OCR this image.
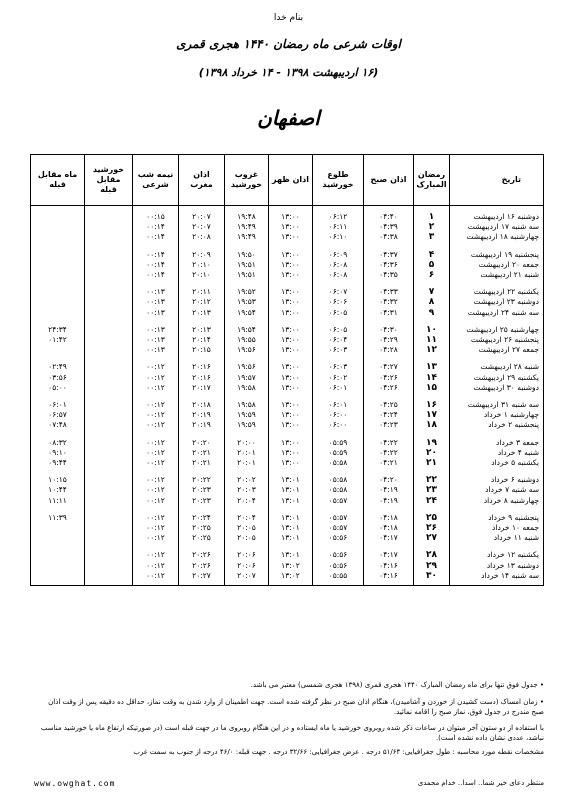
بنام خدا
اوقات شرعی ماه رمضان ۱۴۴۰ هجری قمری
(۱۶ اردیبهشت ۱۳۹۸ - ۱۴ خرداد ۱۳۹۸)
اصفهان
تاریخ	رمضان المبارک	اذان صبح	طلوع خورشید	اذان ظهر	غروب خورشید	اذان مغرب	نیمه شب شرعی	خورشید مقابل قبله	ماه مقابل قبله
دوشنبه ۱۶ اردیبهشت	۱	۰۴:۴۰	۰۶:۱۲	۱۳:۰۰	۱۹:۴۸	۲۰:۰۷	۰۰:۱۵		
سه شنبه ۱۷ اردیبهشت	۲	۰۴:۳۹	۰۶:۱۱	۱۳:۰۰	۱۹:۴۹	۲۰:۰۷	۰۰:۱۴		
چهارشنبه ۱۸ اردیبهشت	۳	۰۴:۳۸	۰۶:۱۰	۱۳:۰۰	۱۹:۴۹	۲۰:۰۸	۰۰:۱۴		
پنجشنبه ۱۹ اردیبهشت	۴	۰۴:۳۷	۰۶:۰۹	۱۳:۰۰	۱۹:۵۰	۲۰:۰۹	۰۰:۱۴		
جمعه ۲۰ اردیبهشت	۵	۰۴:۳۶	۰۶:۰۸	۱۳:۰۰	۱۹:۵۱	۲۰:۱۰	۰۰:۱۴		
شنبه ۲۱ اردیبهشت	۶	۰۴:۳۵	۰۶:۰۸	۱۳:۰۰	۱۹:۵۱	۲۰:۱۰	۰۰:۱۴		
یکشنبه ۲۲ اردیبهشت	۷	۰۴:۳۳	۰۶:۰۷	۱۳:۰۰	۱۹:۵۲	۲۰:۱۱	۰۰:۱۳		
دوشنبه ۲۳ اردیبهشت	۸	۰۴:۳۲	۰۶:۰۶	۱۳:۰۰	۱۹:۵۳	۲۰:۱۲	۰۰:۱۳		
سه شنبه ۲۴ اردیبهشت	۹	۰۴:۳۱	۰۶:۰۵	۱۳:۰۰	۱۹:۵۴	۲۰:۱۳	۰۰:۱۳		
چهارشنبه ۲۵ اردیبهشت	۱۰	۰۴:۳۰	۰۶:۰۵	۱۳:۰۰	۱۹:۵۴	۲۰:۱۳	۰۰:۱۳		۲۴:۳۴
پنجشنبه ۲۶ اردیبهشت	۱۱	۰۴:۲۹	۰۶:۰۴	۱۳:۰۰	۱۹:۵۵	۲۰:۱۴	۰۰:۱۳		۰۱:۴۲
جمعه ۲۷ اردیبهشت	۱۲	۰۴:۲۸	۰۶:۰۳	۱۳:۰۰	۱۹:۵۶	۲۰:۱۵	۰۰:۱۳		
شنبه ۲۸ اردیبهشت	۱۳	۰۴:۲۷	۰۶:۰۳	۱۳:۰۰	۱۹:۵۶	۲۰:۱۶	۰۰:۱۲		۰۲:۴۹
یکشنبه ۲۹ اردیبهشت	۱۴	۰۴:۲۶	۰۶:۰۲	۱۳:۰۰	۱۹:۵۷	۲۰:۱۶	۰۰:۱۲		۰۳:۵۶
دوشنبه ۳۰ اردیبهشت	۱۵	۰۴:۲۶	۰۶:۰۱	۱۳:۰۰	۱۹:۵۸	۲۰:۱۷	۰۰:۱۲		۰۵:۰۰
سه شنبه ۳۱ اردیبهشت	۱۶	۰۴:۲۵	۰۶:۰۱	۱۳:۰۰	۱۹:۵۸	۲۰:۱۸	۰۰:۱۲		۰۶:۰۱
چهارشنبه ۱ خرداد	۱۷	۰۴:۲۴	۰۶:۰۰	۱۳:۰۰	۱۹:۵۹	۲۰:۱۹	۰۰:۱۲		۰۶:۵۷
پنجشنبه ۲ خرداد	۱۸	۰۴:۲۳	۰۶:۰۰	۱۳:۰۰	۱۹:۵۹	۲۰:۱۹	۰۰:۱۲		۰۷:۴۸
جمعه ۳ خرداد	۱۹	۰۴:۲۲	۰۵:۵۹	۱۳:۰۰	۲۰:۰۰	۲۰:۲۰	۰۰:۱۲		۰۸:۳۲
شنبه ۴ خرداد	۲۰	۰۴:۲۲	۰۵:۵۹	۱۳:۰۰	۲۰:۰۱	۲۰:۲۱	۰۰:۱۲		۰۹:۱۰
یکشنبه ۵ خرداد	۲۱	۰۴:۲۱	۰۵:۵۸	۱۳:۰۰	۲۰:۰۱	۲۰:۲۱	۰۰:۱۲		۰۹:۴۴
دوشنبه ۶ خرداد	۲۲	۰۴:۲۰	۰۵:۵۸	۱۳:۰۱	۲۰:۰۲	۲۰:۲۲	۰۰:۱۲		۱۰:۱۵
سه شنبه ۷ خرداد	۲۳	۰۴:۱۹	۰۵:۵۸	۱۳:۰۱	۲۰:۰۳	۲۰:۲۳	۰۰:۱۲		۱۰:۴۴
چهارشنبه ۸ خرداد	۲۴	۰۴:۱۹	۰۵:۵۷	۱۳:۰۱	۲۰:۰۴	۲۰:۲۳	۰۰:۱۲		۱۱:۱۱
پنجشنبه ۹ خرداد	۲۵	۰۴:۱۸	۰۵:۵۷	۱۳:۰۱	۲۰:۰۴	۲۰:۲۴	۰۰:۱۲		۱۱:۳۹
جمعه ۱۰ خرداد	۲۶	۰۴:۱۸	۰۵:۵۷	۱۳:۰۱	۲۰:۰۵	۲۰:۲۵	۰۰:۱۲		
شنبه ۱۱ خرداد	۲۷	۰۴:۱۷	۰۵:۵۶	۱۳:۰۱	۲۰:۰۵	۲۰:۲۵	۰۰:۱۲		
یکشنبه ۱۲ خرداد	۲۸	۰۴:۱۷	۰۵:۵۶	۱۳:۰۱	۲۰:۰۶	۲۰:۲۶	۰۰:۱۲		
دوشنبه ۱۳ خرداد	۲۹	۰۴:۱۶	۰۵:۵۶	۱۳:۰۲	۲۰:۰۶	۲۰:۲۶	۰۰:۱۲		
سه شنبه ۱۴ خرداد	۳۰	۰۴:۱۶	۰۵:۵۵	۱۳:۰۲	۲۰:۰۷	۲۰:۲۷	۰۰:۱۲		
• جدول فوق تنها برای ماه رمضان المبارک ۱۴۴۰ هجری قمری (۱۳۹۸ هجری شمسی) معتبر می باشد.
• زمان امساک (دست کشیدن از خوردن و آشامیدن)، هنگام اذان صبح در نظر گرفته شده است. جهت اطمینان از وارد شدن به وقت نماز، حداقل ده دقیقه پس از وقت اذان صبح مندرج در جدول فوق، نماز صبح را اقامه نمائید.
با استفاده از دو ستون آخر میتوان در ساعات ذکر شده روبروی خورشید یا ماه ایستاده و در این هنگام روبروی ما در جهت قبله است (در صورتیکه ارتفاع ماه یا خورشید مناسب نباشد، عددی نشان داده نشده است).
مشخصات نقطه مورد محاسبه : طول جغرافیایی: ۵۱/۶۴ درجه . عرض جغرافیایی: ۳۲/۶۶ درجه . جهت قبله: ۴۶/۰ درجه از جنوب به سمت غرب
www.owghat.com	منتظر دعای خیر شما.. اسدا.. خدام محمدی
